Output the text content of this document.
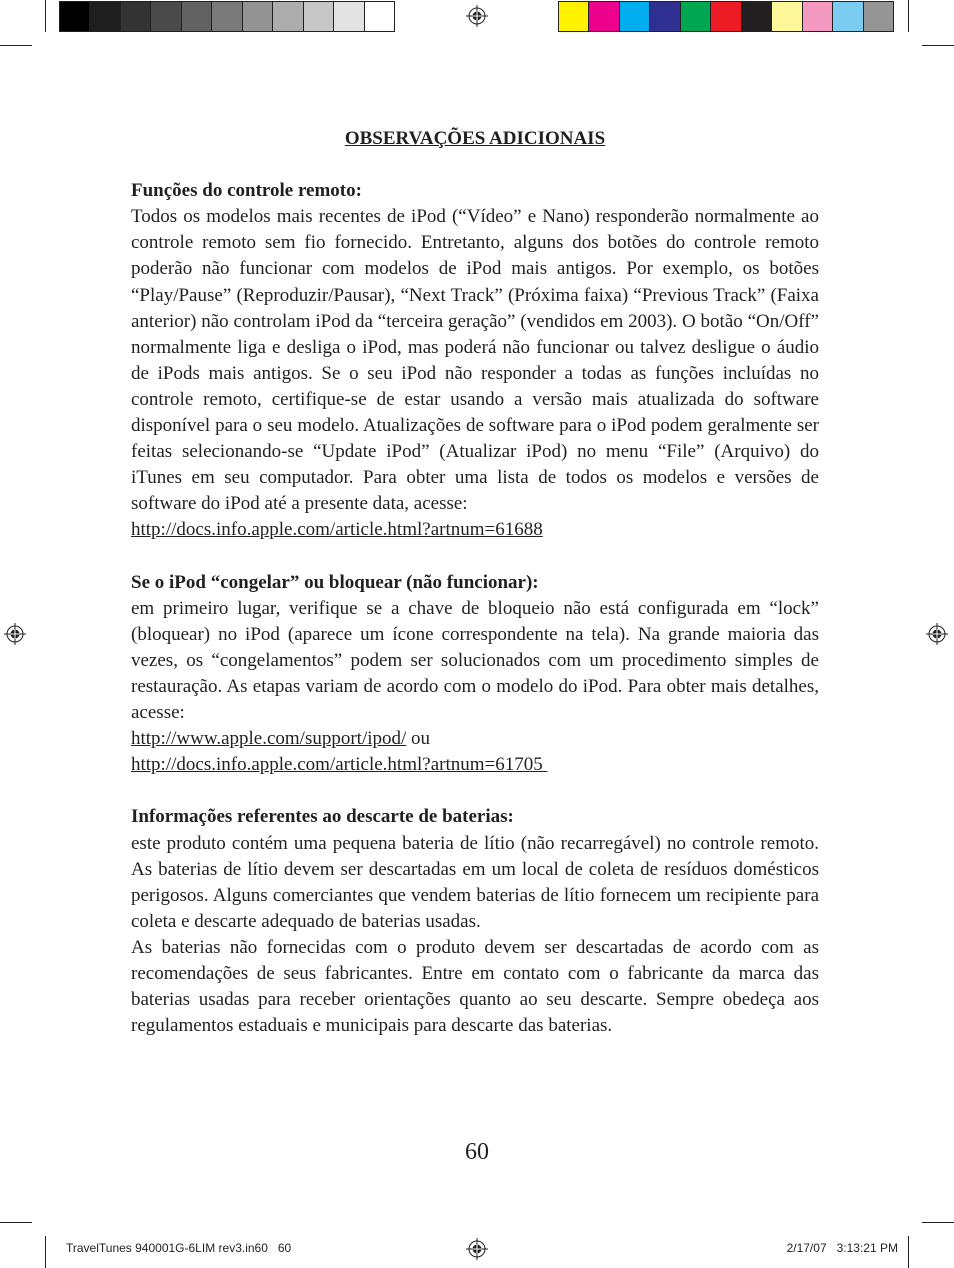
OBSERVAÇÕES ADICIONAIS

Funções do controle remoto:

Todos os modelos mais recentes de iPod (“Vídeo” e Nano) responderão normalmente ao controle remoto sem fio fornecido. Entretanto, alguns dos botões do controle remoto poderão não funcionar com modelos de iPod mais antigos. Por exemplo, os botões “Play/Pause” (Reproduzir/Pausar), “Next Track” (Próxima faixa) “Previous Track” (Faixa anterior) não controlam iPod da “terceira geração” (vendidos em 2003). O botão “On/Off” normalmente liga e desliga o iPod, mas poderá não funcionar ou talvez desligue o áudio de iPods mais antigos. Se o seu iPod não responder a todas as funções incluídas no controle remoto, certifique-se de estar usando a versão mais atualizada do software disponível para o seu modelo. Atualizações de software para o iPod podem geralmente ser feitas selecionando-se “Update iPod” (Atualizar iPod) no menu “File” (Arquivo) do iTunes em seu computador. Para obter uma lista de todos os modelos e versões de software do iPod até a presente data, acesse:

http://docs.info.apple.com/article.html?artnum=61688

Se o iPod “congelar” ou bloquear (não funcionar):

em primeiro lugar, verifique se a chave de bloqueio não está configurada em “lock” (bloquear) no iPod (aparece um ícone correspondente na tela). Na grande maioria das vezes, os “congelamentos” podem ser solucionados com um procedimento simples de restauração. As etapas variam de acordo com o modelo do iPod. Para obter mais detalhes, acesse:

http://www.apple.com/support/ipod/ ou

http://docs.info.apple.com/article.html?artnum=61705

Informações referentes ao descarte de baterias:

este produto contém uma pequena bateria de lítio (não recarregável) no controle remoto. As baterias de lítio devem ser descartadas em um local de coleta de resíduos domésticos perigosos. Alguns comerciantes que vendem baterias de lítio fornecem um recipiente para coleta e descarte adequado de baterias usadas.

As baterias não fornecidas com o produto devem ser descartadas de acordo com as recomendações de seus fabricantes. Entre em contato com o fabricante da marca das baterias usadas para receber orientações quanto ao seu descarte. Sempre obedeça aos regulamentos estaduais e municipais para descarte das baterias.

60
TravelTunes 940001G-6LIM rev3.in60   60	2/17/07   3:13:21 PM
